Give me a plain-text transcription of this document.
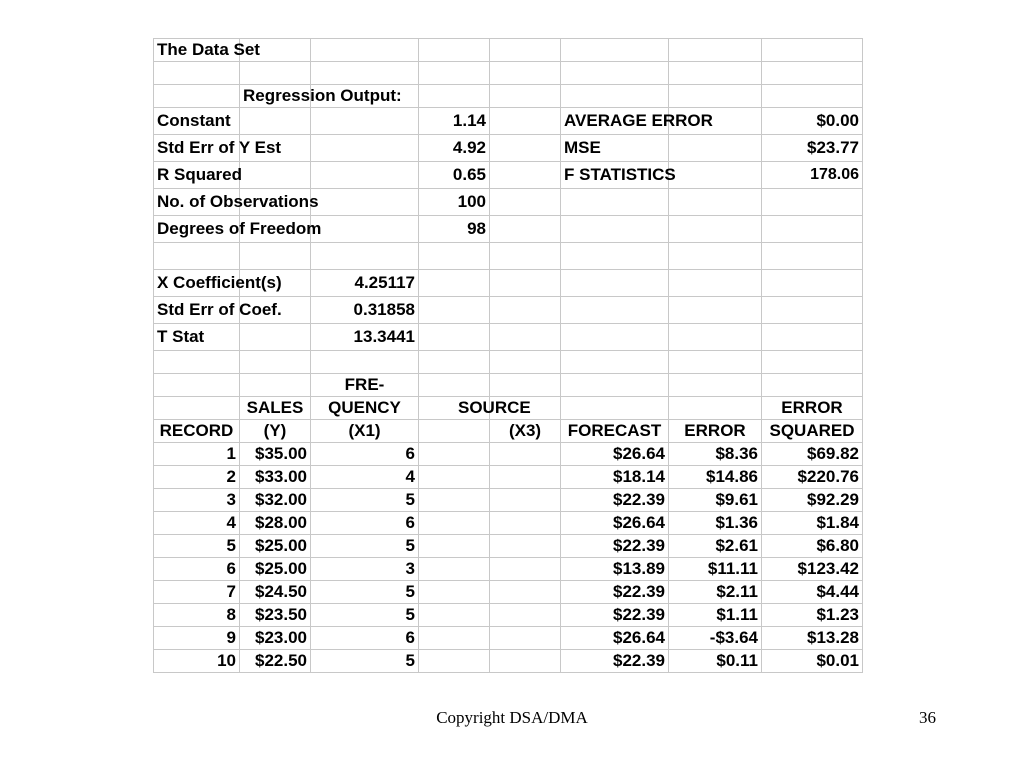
The Data Set							

	Regression Output:						
Constant			1.14		AVERAGE ERROR		$0.00
Std Err of Y Est			4.92		MSE		$23.77
R Squared			0.65		F STATISTICS		178.06
No. of Observations			100				
Degrees of Freedom			98				

X Coefficient(s)		4.25117					
Std Err of Coef.		0.31858					
T Stat		13.3441					

		FRE-					
	SALES	QUENCY	SOURCE				ERROR
RECORD	(Y)	(X1)		(X3)	FORECAST	ERROR	SQUARED
1	$35.00	6			$26.64	$8.36	$69.82
2	$33.00	4			$18.14	$14.86	$220.76
3	$32.00	5			$22.39	$9.61	$92.29
4	$28.00	6			$26.64	$1.36	$1.84
5	$25.00	5			$22.39	$2.61	$6.80
6	$25.00	3			$13.89	$11.11	$123.42
7	$24.50	5			$22.39	$2.11	$4.44
8	$23.50	5			$22.39	$1.11	$1.23
9	$23.00	6			$26.64	-$3.64	$13.28
10	$22.50	5			$22.39	$0.11	$0.01
Copyright DSA/DMA	36
